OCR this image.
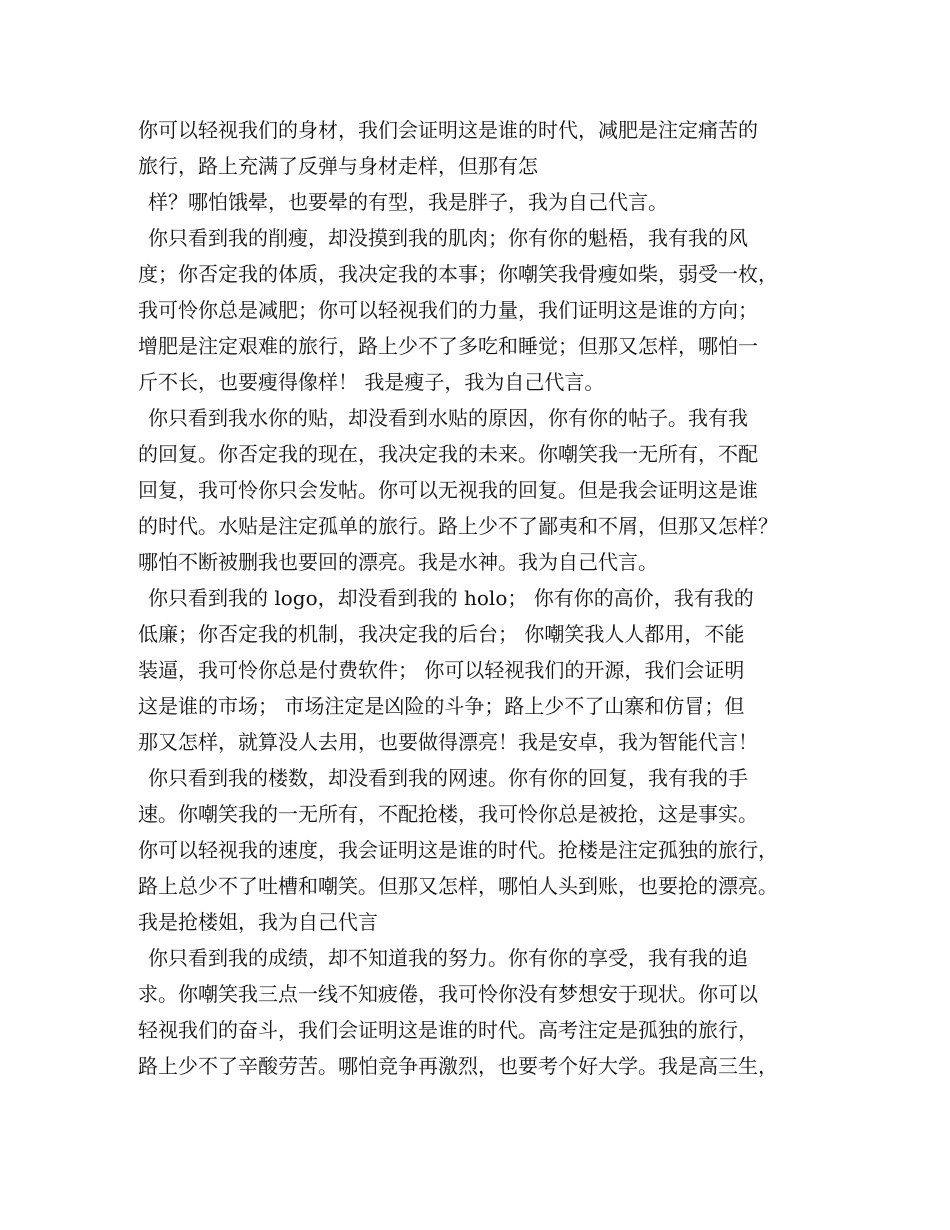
你可以轻视我们的身材，我们会证明这是谁的时代，减肥是注定痛苦的
旅行，路上充满了反弹与身材走样，但那有怎
样？哪怕饿晕，也要晕的有型，我是胖子，我为自己代言。
你只看到我的削瘦，却没摸到我的肌肉；你有你的魁梧，我有我的风
度；你否定我的体质，我决定我的本事；你嘲笑我骨瘦如柴，弱受一枚，
我可怜你总是减肥；你可以轻视我们的力量，我们证明这是谁的方向；
增肥是注定艰难的旅行，路上少不了多吃和睡觉；但那又怎样，哪怕一
斤不长，也要瘦得像样！ 我是瘦子，我为自己代言。
你只看到我水你的贴，却没看到水贴的原因，你有你的帖子。我有我
的回复。你否定我的现在，我决定我的未来。你嘲笑我一无所有，不配
回复，我可怜你只会发帖。你可以无视我的回复。但是我会证明这是谁
的时代。水贴是注定孤单的旅行。路上少不了鄙夷和不屑，但那又怎样？
哪怕不断被删我也要回的漂亮。我是水神。我为自己代言。
你只看到我的 logo，却没看到我的 holo； 你有你的高价，我有我的
低廉；你否定我的机制，我决定我的后台； 你嘲笑我人人都用，不能
装逼，我可怜你总是付费软件； 你可以轻视我们的开源，我们会证明
这是谁的市场； 市场注定是凶险的斗争；路上少不了山寨和仿冒；但
那又怎样，就算没人去用，也要做得漂亮！我是安卓，我为智能代言！
你只看到我的楼数，却没看到我的网速。你有你的回复，我有我的手
速。你嘲笑我的一无所有，不配抢楼，我可怜你总是被抢，这是事实。
你可以轻视我的速度，我会证明这是谁的时代。抢楼是注定孤独的旅行，
路上总少不了吐槽和嘲笑。但那又怎样，哪怕人头到账，也要抢的漂亮。
我是抢楼姐，我为自己代言
你只看到我的成绩，却不知道我的努力。你有你的享受，我有我的追
求。你嘲笑我三点一线不知疲倦，我可怜你没有梦想安于现状。你可以
轻视我们的奋斗，我们会证明这是谁的时代。高考注定是孤独的旅行，
路上少不了辛酸劳苦。哪怕竞争再激烈，也要考个好大学。我是高三生，
